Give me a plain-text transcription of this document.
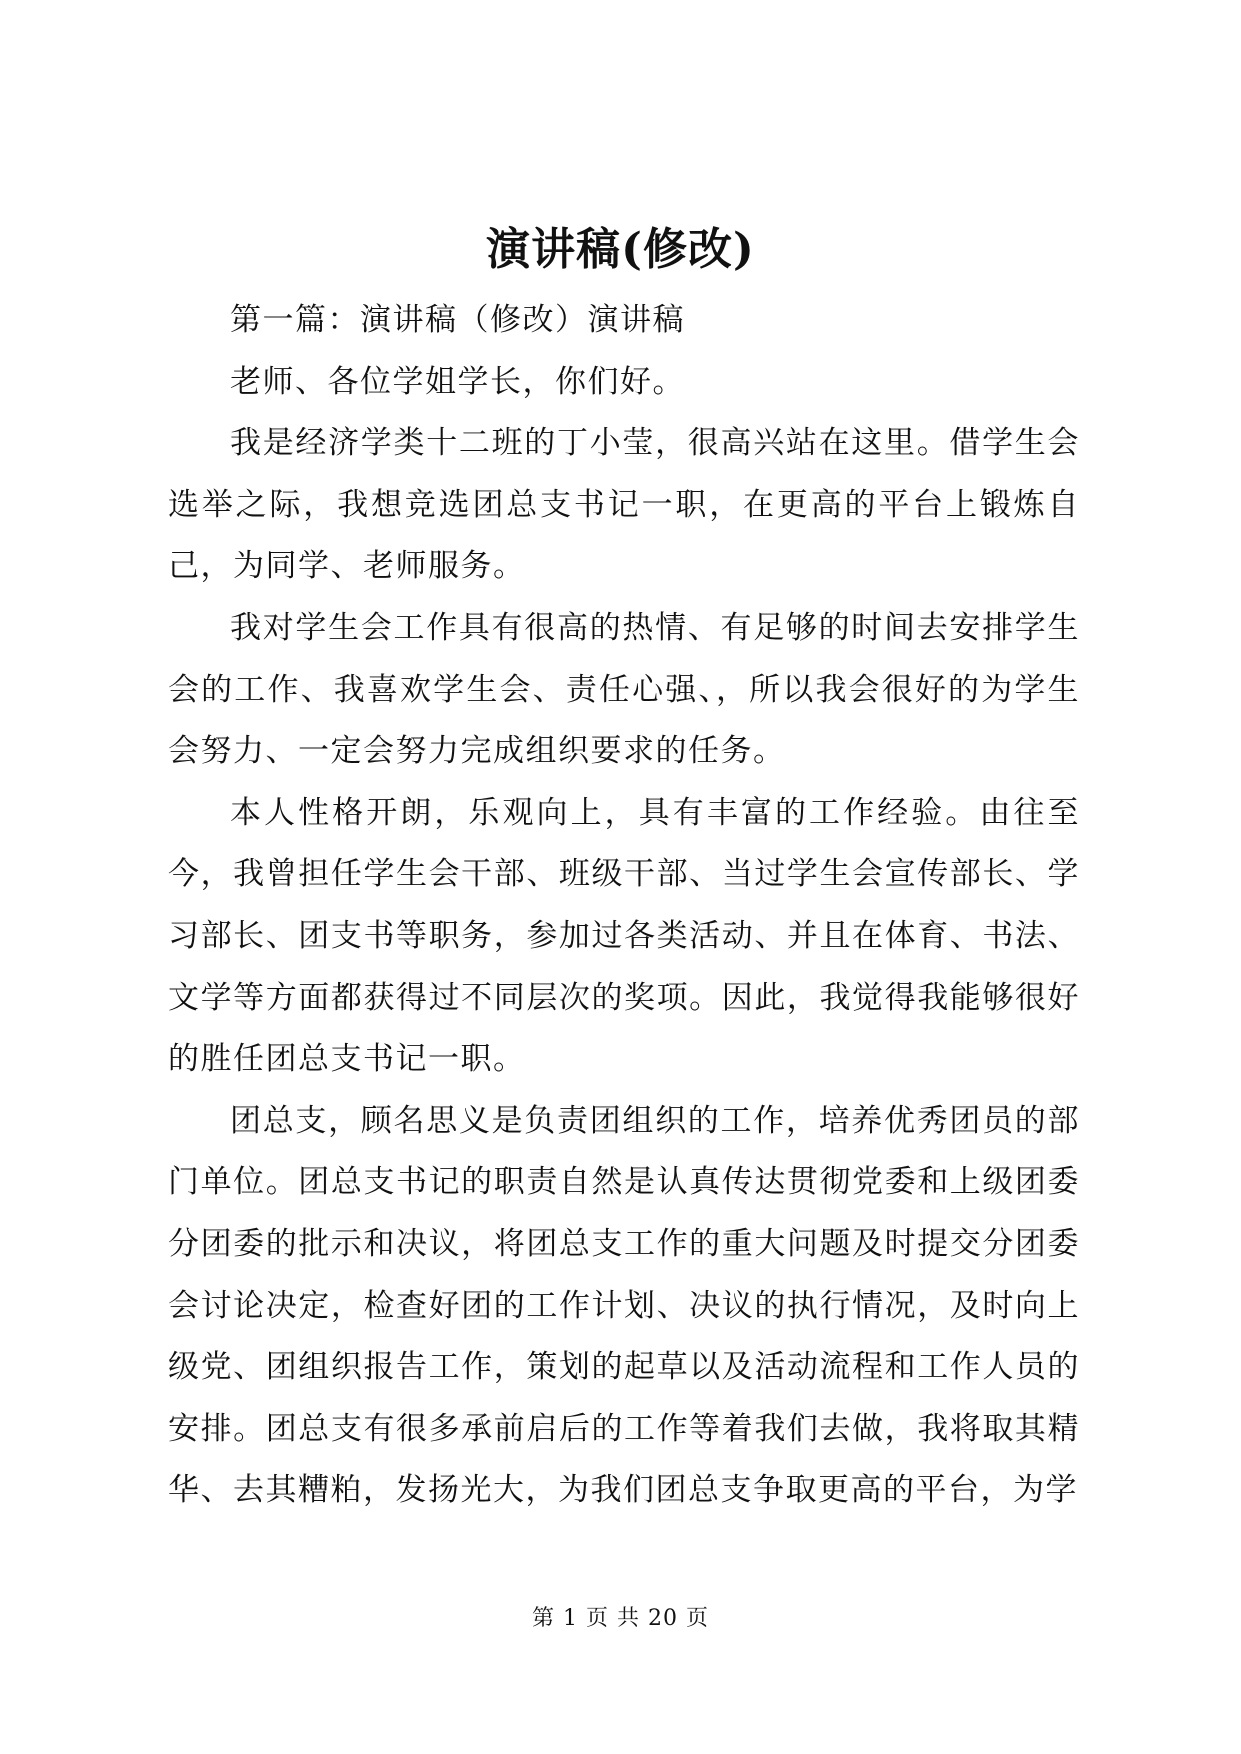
演讲稿(修改)

第一篇：演讲稿（修改）演讲稿

老师、各位学姐学长，你们好。

我是经济学类十二班的丁小莹，很高兴站在这里。借学生会选举之际，我想竞选团总支书记一职，在更高的平台上锻炼自己，为同学、老师服务。

我对学生会工作具有很高的热情、有足够的时间去安排学生会的工作、我喜欢学生会、责任心强、，所以我会很好的为学生会努力、一定会努力完成组织要求的任务。

本人性格开朗，乐观向上，具有丰富的工作经验。由往至今，我曾担任学生会干部、班级干部、当过学生会宣传部长、学习部长、团支书等职务，参加过各类活动、并且在体育、书法、文学等方面都获得过不同层次的奖项。因此，我觉得我能够很好的胜任团总支书记一职。

团总支，顾名思义是负责团组织的工作，培养优秀团员的部门单位。团总支书记的职责自然是认真传达贯彻党委和上级团委分团委的批示和决议，将团总支工作的重大问题及时提交分团委会讨论决定，检查好团的工作计划、决议的执行情况，及时向上级党、团组织报告工作，策划的起草以及活动流程和工作人员的安排。团总支有很多承前启后的工作等着我们去做，我将取其精华、去其糟粕，发扬光大，为我们团总支争取更高的平台，为学

第 1 页 共 20 页
